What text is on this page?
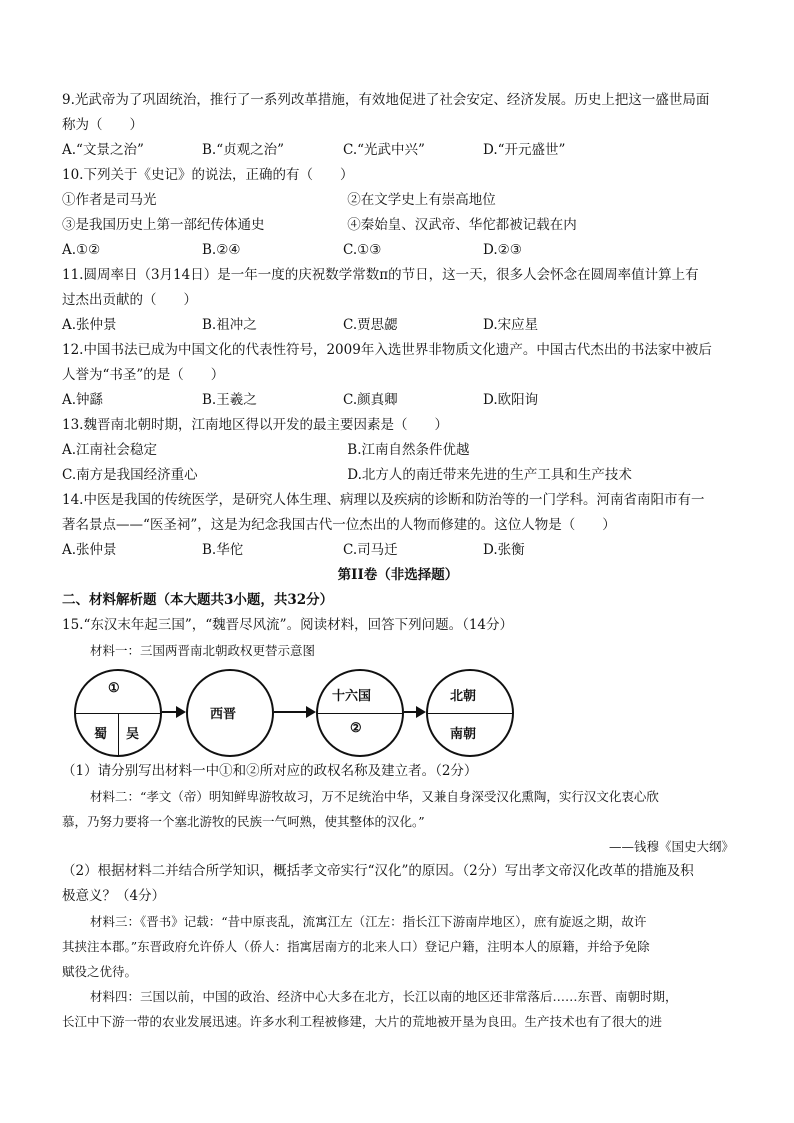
9.光武帝为了巩固统治，推行了一系列改革措施，有效地促进了社会安定、经济发展。历史上把这一盛世局面
称为（　　）
A.“文景之治”	B.“贞观之治”	C.“光武中兴”	D.“开元盛世”
10.下列关于《史记》的说法，正确的有（　　）
①作者是司马光	②在文学史上有崇高地位
③是我国历史上第一部纪传体通史	④秦始皇、汉武帝、华佗都被记载在内
A.①②	B.②④	C.①③	D.②③
11.圆周率日（3月14日）是一年一度的庆祝数学常数π的节日，这一天，很多人会怀念在圆周率值计算上有
过杰出贡献的（　　）
A.张仲景	B.祖冲之	C.贾思勰	D.宋应星
12.中国书法已成为中国文化的代表性符号，2009年入选世界非物质文化遗产。中国古代杰出的书法家中被后
人誉为“书圣”的是（　　）
A.钟繇	B.王羲之	C.颜真卿	D.欧阳询
13.魏晋南北朝时期，江南地区得以开发的最主要因素是（　　）
A.江南社会稳定	B.江南自然条件优越
C.南方是我国经济重心	D.北方人的南迁带来先进的生产工具和生产技术
14.中医是我国的传统医学，是研究人体生理、病理以及疾病的诊断和防治等的一门学科。河南省南阳市有一
著名景点——“医圣祠”，这是为纪念我国古代一位杰出的人物而修建的。这位人物是（　　）
A.张仲景	B.华佗	C.司马迁	D.张衡
第II卷（非选择题）
二、材料解析题（本大题共3小题，共32分）
15.“东汉末年起三国”，“魏晋尽风流”。阅读材料，回答下列问题。（14分）
材料一：三国两晋南北朝政权更替示意图
①
蜀 吴
西晋
十六国
②
北朝
南朝
（1）请分别写出材料一中①和②所对应的政权名称及建立者。（2分）
材料二：“孝文（帝）明知鲜卑游牧故习，万不足统治中华，又兼自身深受汉化熏陶，实行汉文化衷心欣
慕，乃努力要将一个塞北游牧的民族一气呵熟，使其整体的汉化。”
——钱穆《国史大纲》
（2）根据材料二并结合所学知识，概括孝文帝实行“汉化”的原因。（2分）写出孝文帝汉化改革的措施及积
极意义？（4分）
材料三：《晋书》记载：“昔中原丧乱，流寓江左（江左：指长江下游南岸地区），庶有旋返之期，故许
其挟注本郡。”东晋政府允许侨人（侨人：指寓居南方的北来人口）登记户籍，注明本人的原籍，并给予免除
赋役之优待。
材料四：三国以前，中国的政治、经济中心大多在北方，长江以南的地区还非常落后……东晋、南朝时期，
长江中下游一带的农业发展迅速。许多水利工程被修建，大片的荒地被开垦为良田。生产技术也有了很大的进
